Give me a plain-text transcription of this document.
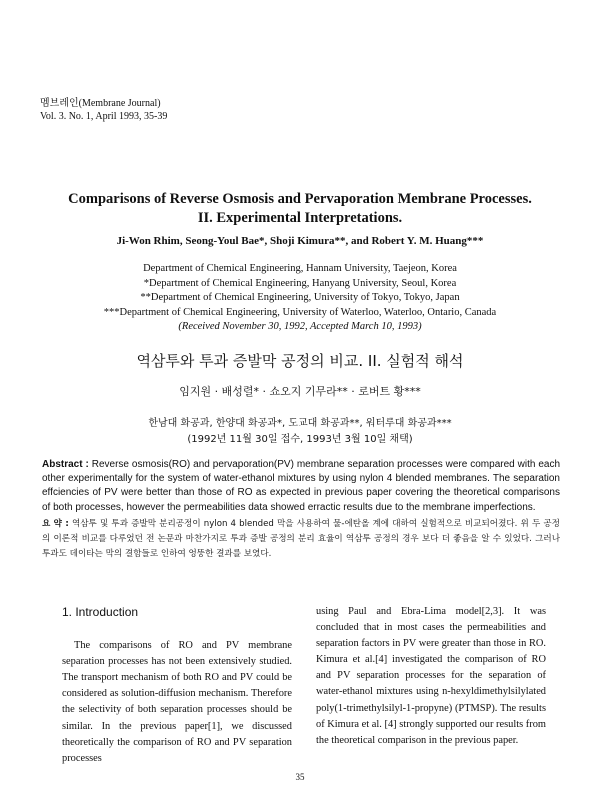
멤브레인(Membrane Journal)
Vol. 3. No. 1, April 1993, 35-39
Comparisons of Reverse Osmosis and Pervaporation Membrane Processes.
II. Experimental Interpretations.
Ji-Won Rhim, Seong-Youl Bae*, Shoji Kimura**, and Robert Y. M. Huang***
Department of Chemical Engineering, Hannam University, Taejeon, Korea
*Department of Chemical Engineering, Hanyang University, Seoul, Korea
**Department of Chemical Engineering, University of Tokyo, Tokyo, Japan
***Department of Chemical Engineering, University of Waterloo, Waterloo, Ontario, Canada
(Received November 30, 1992, Accepted March 10, 1993)
역삼투와 투과 증발막 공정의 비교. II. 실험적 해석
임지원 · 배성렬* · 쇼오지 기무라** · 로버트 황***
한남대 화공과, 한양대 화공과*, 도교대 화공과**, 워터루대 화공과***
(1992년 11월 30일 접수, 1993년 3월 10일 채택)
Abstract : Reverse osmosis(RO) and pervaporation(PV) membrane separation processes were compared with each other experimentally for the system of water-ethanol mixtures by using nylon 4 blended membranes. The separation effciencies of PV were better than those of RO as expected in previous paper covering the theoretical comparisons of both processes, however the permeabilities data showed erractic results due to the membrane imperfections.
요 약 : 역삼투 및 투과 증발막 분리공정이 nylon 4 blended 막을 사용하여 물-에탄올 계에 대하여 실험적으로 비교되어졌다. 위 두 공정의 이론적 비교를 다루었던 전 논문과 마찬가지로 투과 증발 공정의 분리 효율이 역삼투 공정의 경우 보다 더 좋음을 알 수 있었다. 그러나 투과도 데이타는 막의 결함들로 인하여 엉뚱한 결과를 보였다.

1. Introduction

The comparisons of RO and PV membrane separation processes has not been extensively studied. The transport mechanism of both RO and PV could be considered as solution-diffusion mechanism. Therefore the selectivity of both separation processes should be similar. In the previous paper[1], we discussed theoretically the comparison of RO and PV separation processes

using Paul and Ebra-Lima model[2,3]. It was concluded that in most cases the permeabilities and separation factors in PV were greater than those in RO. Kimura et al.[4] investigated the comparison of RO and PV separation processes for the separation of water-ethanol mixtures using n-hexyldimethylsilylated poly(1-trimethylsilyl-1-propyne) (PTMSP). The results of Kimura et al. [4] strongly supported our results from the theoretical comparison in the previous paper.

35
